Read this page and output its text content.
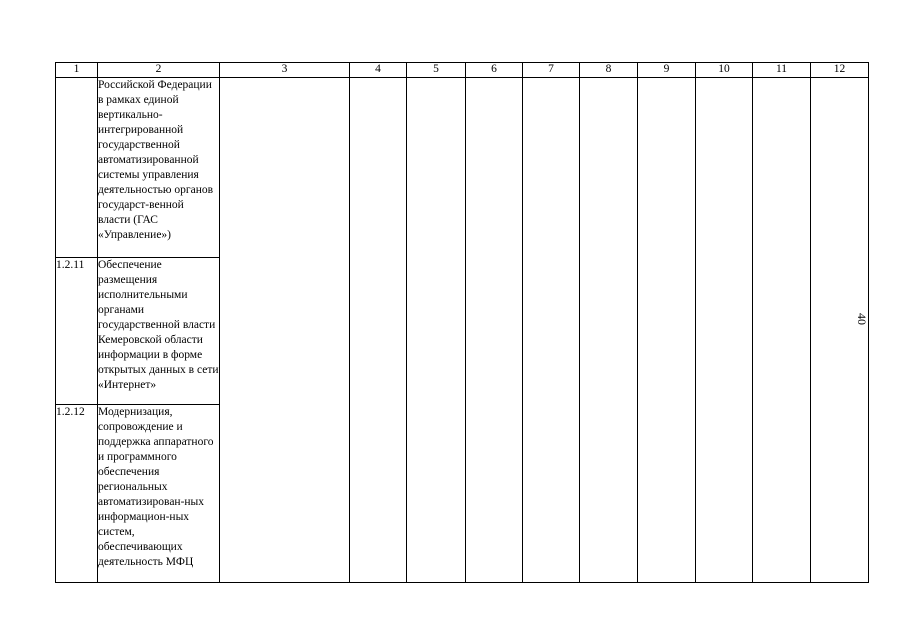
1	2	3	4	5	6	7	8	9	10	11	12
	Российской Федерации в рамках единой вертикально-интегрированной государственной автоматизированной системы управления деятельностью органов государст-венной власти (ГАС «Управление»)										
1.2.11	Обеспечение размещения исполнительными органами государственной власти Кемеровской области информации в форме открытых данных в сети «Интернет»										
1.2.12	Модернизация, сопровождение и поддержка аппаратного и программного обеспечения региональных автоматизирован-ных информацион-ных систем, обеспечивающих деятельность МФЦ										
40
